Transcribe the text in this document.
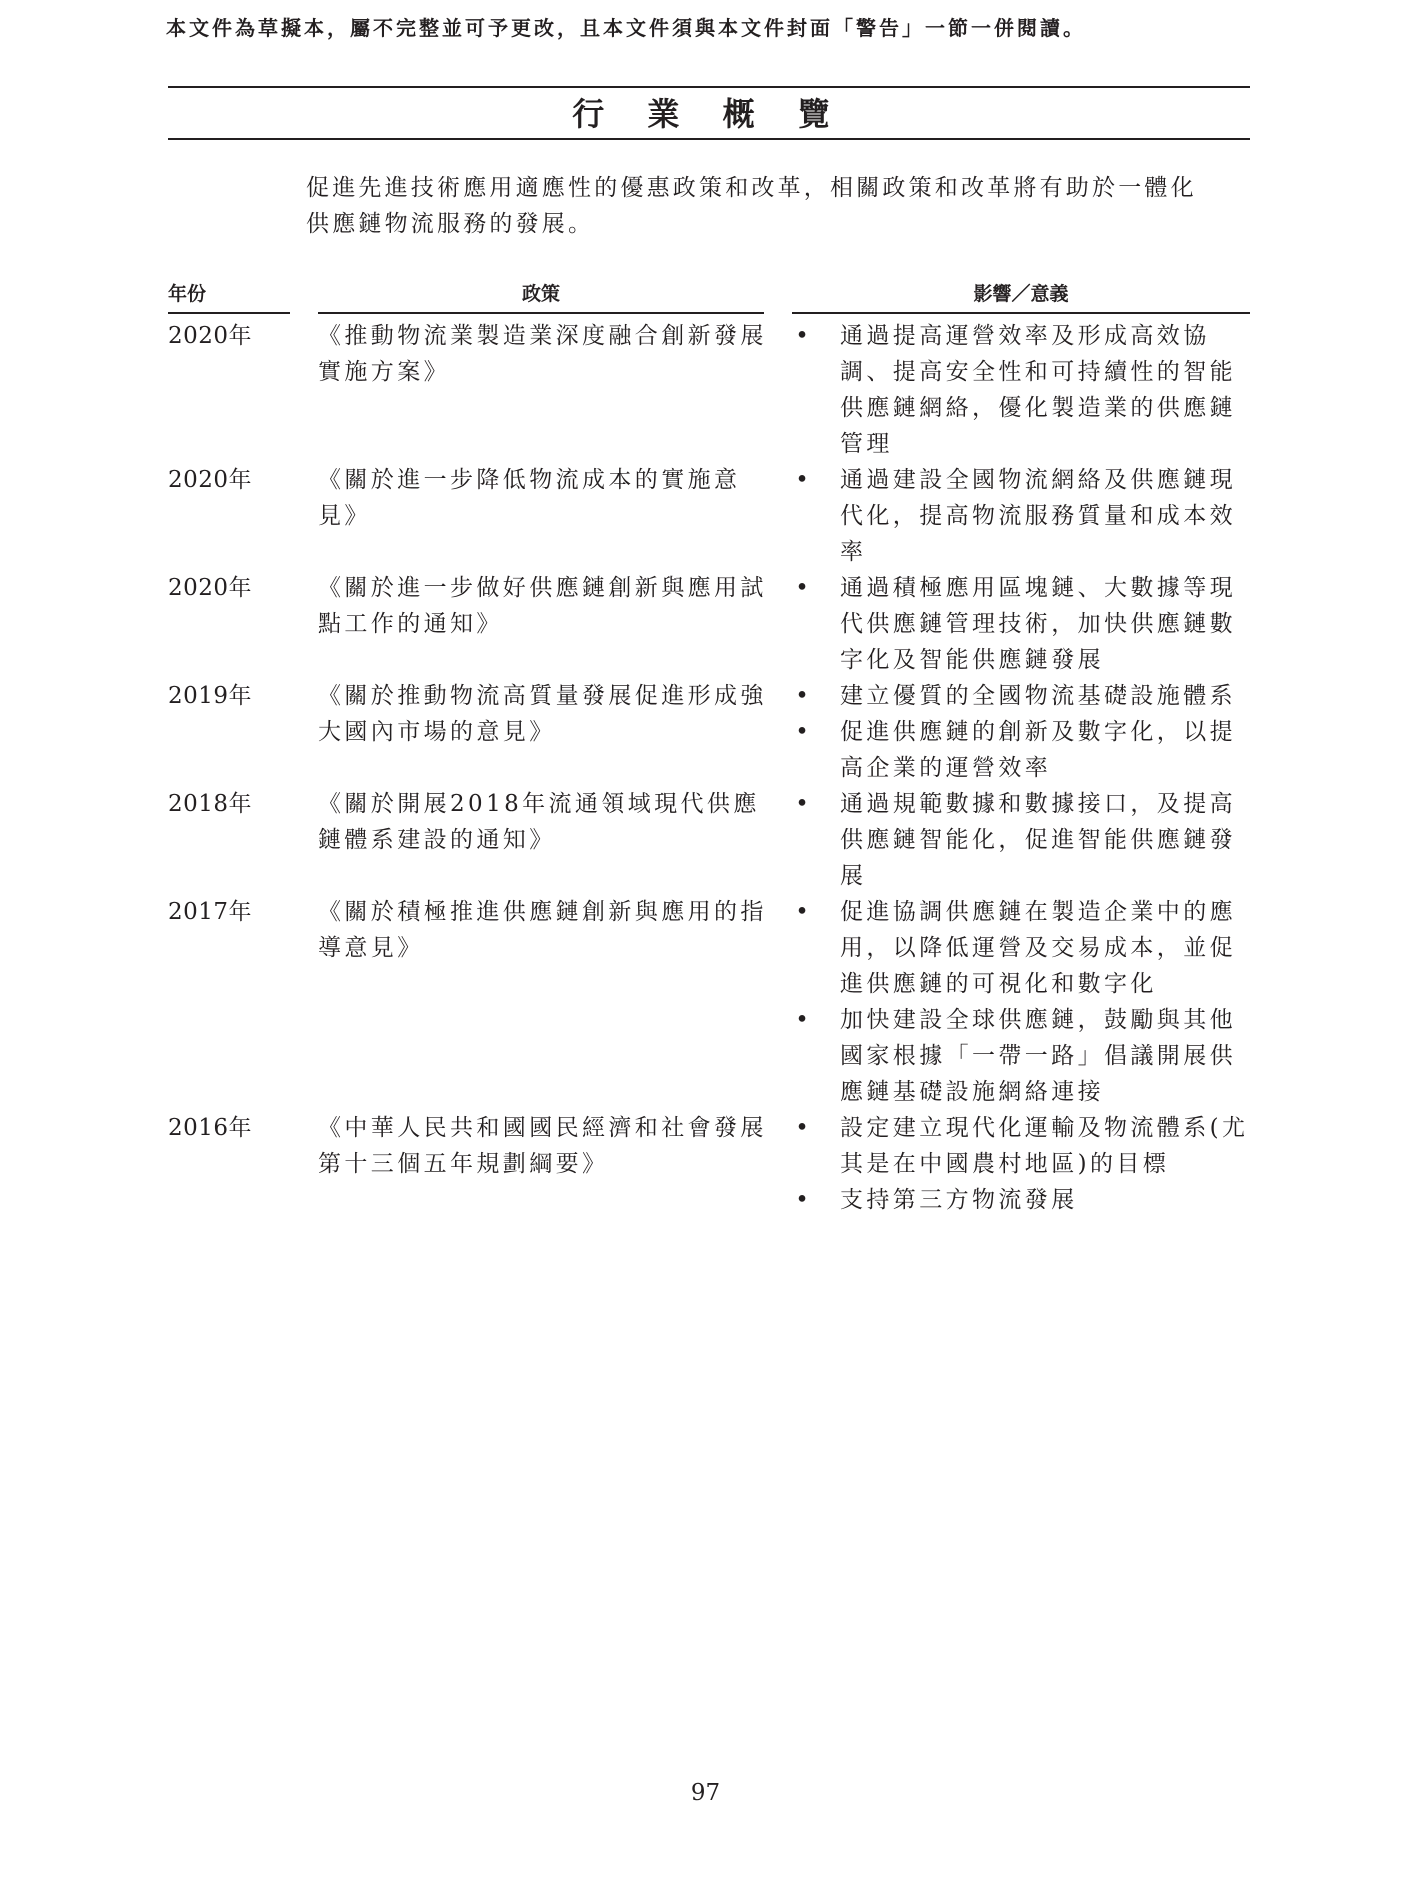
本文件為草擬本，屬不完整並可予更改，且本文件須與本文件封面「警告」一節一併閱讀。
行 業 概 覽

促進先進技術應用適應性的優惠政策和改革，相關政策和改革將有助於一體化

供應鏈物流服務的發展。

年份	政策	影響／意義
2020年	《推動物流業製造業深度融合創新發展實施方案》
• 通過提高運營效率及形成高效協調、提高安全性和可持續性的智能供應鏈網絡，優化製造業的供應鏈管理
2020年	《關於進一步降低物流成本的實施意見》
• 通過建設全國物流網絡及供應鏈現代化，提高物流服務質量和成本效率
2020年	《關於進一步做好供應鏈創新與應用試點工作的通知》
• 通過積極應用區塊鏈、大數據等現代供應鏈管理技術，加快供應鏈數字化及智能供應鏈發展
2019年	《關於推動物流高質量發展促進形成強大國內市場的意見》
• 建立優質的全國物流基礎設施體系
• 促進供應鏈的創新及數字化，以提高企業的運營效率
2018年	《關於開展2018年流通領域現代供應鏈體系建設的通知》
• 通過規範數據和數據接口，及提高供應鏈智能化，促進智能供應鏈發展
2017年	《關於積極推進供應鏈創新與應用的指導意見》
• 促進協調供應鏈在製造企業中的應用，以降低運營及交易成本，並促進供應鏈的可視化和數字化
• 加快建設全球供應鏈，鼓勵與其他國家根據「一帶一路」倡議開展供應鏈基礎設施網絡連接
2016年	《中華人民共和國國民經濟和社會發展第十三個五年規劃綱要》
• 設定建立現代化運輸及物流體系(尤其是在中國農村地區)的目標
• 支持第三方物流發展
97
